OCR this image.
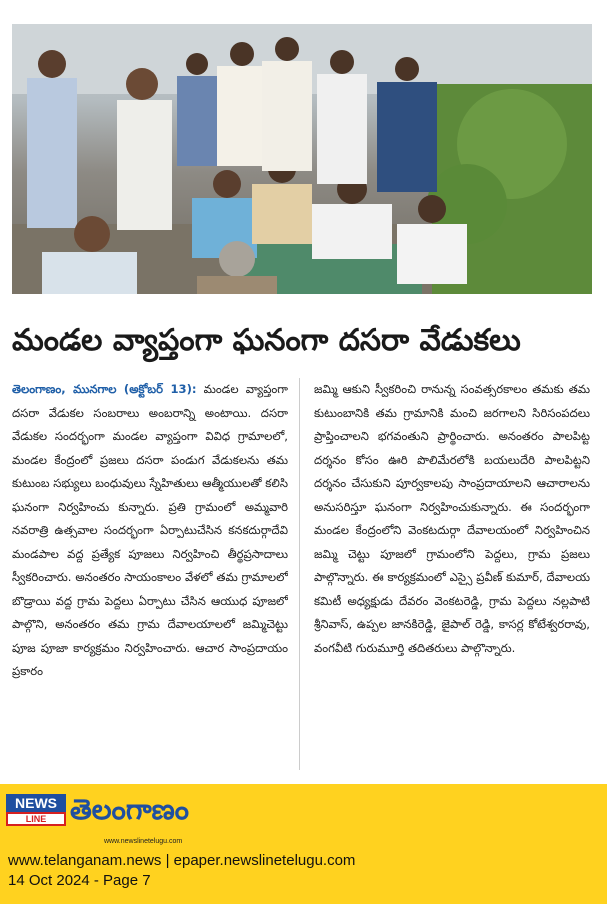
మండల వ్యాప్తంగా ఘనంగా దసరా వేడుకలు
తెలంగాణం, మునగాల (అక్టోబర్ 13): మండల వ్యాప్తంగా దసరా వేడుకల సంబరాలు అంబరాన్ని అంటాయి. దసరా వేడుకల సందర్భంగా మండల వ్యాప్తంగా వివిధ గ్రామాలలో, మండల కేంద్రంలో ప్రజలు దసరా పండుగ వేడుకలను తమ కుటుంబ సభ్యులు బంధువులు స్నేహితులు ఆత్మీయులతో కలిసి ఘనంగా నిర్వహించు కున్నారు. ప్రతి గ్రామంలో అమ్మవారి నవరాత్రి ఉత్సవాల సందర్భంగా ఏర్పాటుచేసిన కనకదుర్గాదేవి మండపాల వద్ద ప్రత్యేక పూజలు నిర్వహించి తీర్థప్రసాదాలు స్వీకరించారు. అనంతరం సాయంకాలం వేళలో తమ గ్రామాలలో బొడ్రాయి వద్ద గ్రామ పెద్దలు ఏర్పాటు చేసిన ఆయుధ పూజలో పాల్గొని, అనంతరం తమ గ్రామ దేవాలయాలలో జమ్మిచెట్టు పూజ పూజా కార్యక్రమం నిర్వహించారు. ఆచార సాంప్రదాయం ప్రకారం
జమ్మి ఆకుని స్వీకరించి రానున్న సంవత్సరకాలం తమకు తమ కుటుంబానికి తమ గ్రామానికి మంచి జరగాలని సిరిసంపదలు ప్రాప్తించాలని భగవంతుని ప్రార్థించారు. అనంతరం పాలపిట్ట దర్శనం కోసం ఊరి పొలిమేరలోకి బయలుదేరి పాలపిట్టని దర్శనం చేసుకుని పూర్వకాలపు సాంప్రదాయాలని ఆచారాలను అనుసరిస్తూ ఘనంగా నిర్వహించుకున్నారు. ఈ సందర్భంగా మండల కేంద్రంలోని వెంకటదుర్గా దేవాలయంలో నిర్వహించిన జమ్మి చెట్టు పూజలో గ్రామంలోని పెద్దలు, గ్రామ ప్రజలు పాల్గొన్నారు. ఈ కార్యక్రమంలో ఎస్సై ప్రవీణ్ కుమార్, దేవాలయ కమిటీ అధ్యక్షుడు దేవరం వెంకటరెడ్డి, గ్రామ పెద్దలు నల్లపాటి శ్రీనివాస్, ఉప్పల జానకిరెడ్డి, జైపాల్ రెడ్డి, కాసర్ల కోటేశ్వరరావు, వంగవీటి గురుమూర్తి తదితరులు పాల్గొన్నారు.
NEWS
LINE తెలంగాణం
www.newslinetelugu.com
www.telanganam.news | epaper.newslinetelugu.com
14 Oct 2024 - Page 7
